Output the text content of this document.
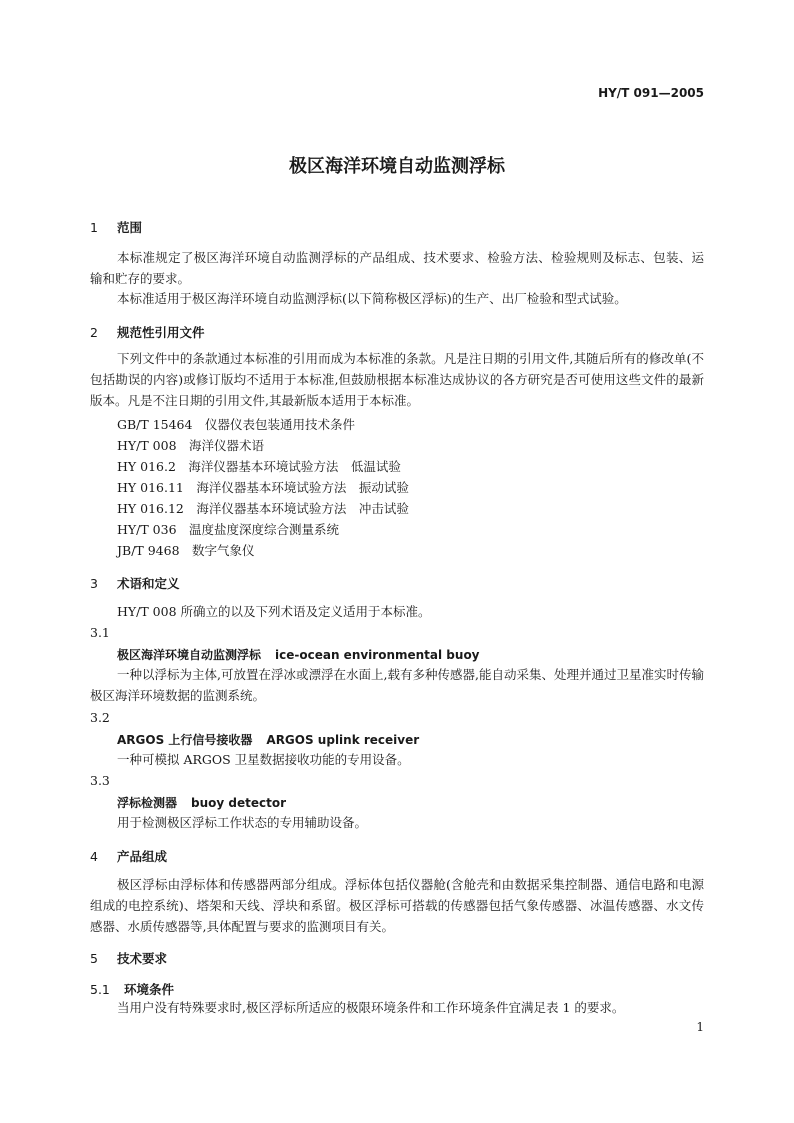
HY/T 091—2005
极区海洋环境自动监测浮标
1 范围
本标准规定了极区海洋环境自动监测浮标的产品组成、技术要求、检验方法、检验规则及标志、包装、运输和贮存的要求。
本标准适用于极区海洋环境自动监测浮标(以下简称极区浮标)的生产、出厂检验和型式试验。
2 规范性引用文件
下列文件中的条款通过本标准的引用而成为本标准的条款。凡是注日期的引用文件,其随后所有的修改单(不包括勘误的内容)或修订版均不适用于本标准,但鼓励根据本标准达成协议的各方研究是否可使用这些文件的最新版本。凡是不注日期的引用文件,其最新版本适用于本标准。
GB/T 15464　仪器仪表包装通用技术条件
HY/T 008　海洋仪器术语
HY 016.2　海洋仪器基本环境试验方法　低温试验
HY 016.11　海洋仪器基本环境试验方法　振动试验
HY 016.12　海洋仪器基本环境试验方法　冲击试验
HY/T 036　温度盐度深度综合测量系统
JB/T 9468　数字气象仪
3 术语和定义
HY/T 008 所确立的以及下列术语及定义适用于本标准。
3.1
极区海洋环境自动监测浮标 ice-ocean environmental buoy
一种以浮标为主体,可放置在浮冰或漂浮在水面上,载有多种传感器,能自动采集、处理并通过卫星准实时传输极区海洋环境数据的监测系统。
3.2
ARGOS 上行信号接收器 ARGOS uplink receiver
一种可模拟 ARGOS 卫星数据接收功能的专用设备。
3.3
浮标检测器 buoy detector
用于检测极区浮标工作状态的专用辅助设备。
4 产品组成
极区浮标由浮标体和传感器两部分组成。浮标体包括仪器舱(含舱壳和由数据采集控制器、通信电路和电源组成的电控系统)、塔架和天线、浮块和系留。极区浮标可搭载的传感器包括气象传感器、冰温传感器、水文传感器、水质传感器等,具体配置与要求的监测项目有关。
5 技术要求
5.1 环境条件
当用户没有特殊要求时,极区浮标所适应的极限环境条件和工作环境条件宜满足表 1 的要求。
1
